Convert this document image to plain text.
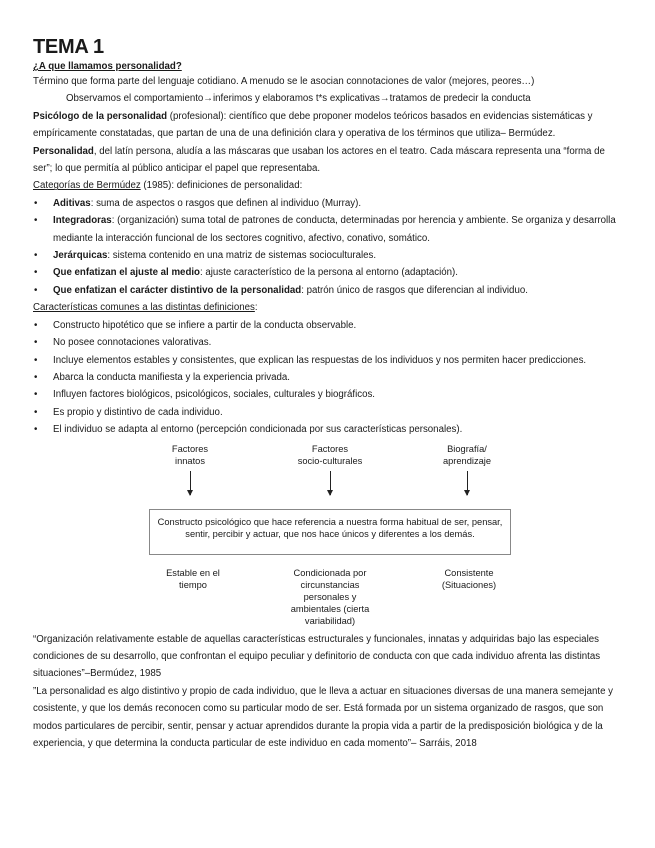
TEMA 1

¿A que llamamos personalidad?

Término que forma parte del lenguaje cotidiano. A menudo se le asocian connotaciones de valor (mejores, peores…)

Observamos el comportamiento→inferimos y elaboramos t*s explicativas→tratamos de predecir la conducta

Psicólogo de la personalidad (profesional): científico que debe proponer modelos teóricos basados en evidencias sistemáticas y empíricamente constatadas, que partan de una de una definición clara y operativa de los términos que utiliza– Bermúdez.

Personalidad, del latín persona, aludía a las máscaras que usaban los actores en el teatro. Cada máscara representa una “forma de ser”; lo que permitía al público anticipar el papel que representaba.

Categorías de Bermúdez (1985): definiciones de personalidad:

• Aditivas: suma de aspectos o rasgos que definen al individuo (Murray).
• Integradoras: (organización) suma total de patrones de conducta, determinadas por herencia y ambiente. Se organiza y desarrolla mediante la interacción funcional de los sectores cognitivo, afectivo, conativo, somático.
• Jerárquicas: sistema contenido en una matriz de sistemas socioculturales.
• Que enfatizan el ajuste al medio: ajuste característico de la persona al entorno (adaptación).
• Que enfatizan el carácter distintivo de la personalidad: patrón único de rasgos que diferencian al individuo.

Características comunes a las distintas definiciones:

• Constructo hipotético que se infiere a partir de la conducta observable.
• No posee connotaciones valorativas.
• Incluye elementos estables y consistentes, que explican las respuestas de los individuos y nos permiten hacer predicciones.
• Abarca la conducta manifiesta y la experiencia privada.
• Influyen factores biológicos, psicológicos, sociales, culturales y biográficos.
• Es propio y distintivo de cada individuo.
• El individuo se adapta al entorno (percepción condicionada por sus características personales).
Factores
innatos
Factores
socio-culturales
Biografía/
aprendizaje
Constructo psicológico que hace referencia a nuestra forma habitual de ser, pensar, sentir, percibir y actuar, que nos hace únicos y diferentes a los demás.
Estable en el tiempo
Condicionada por circunstancias personales y ambientales (cierta variabilidad)
Consistente (Situaciones)

“Organización relativamente estable de aquellas características estructurales y funcionales, innatas y adquiridas bajo las especiales condiciones de su desarrollo, que confrontan el equipo peculiar y definitorio de conducta con que cada individuo afrenta las distintas situaciones”–Bermúdez, 1985

”La personalidad es algo distintivo y propio de cada individuo, que le lleva a actuar en situaciones diversas de una manera semejante y cosistente, y que los demás reconocen como su particular modo de ser. Está formada por un sistema organizado de rasgos, que son modos particulares de percibir, sentir, pensar y actuar aprendidos durante la propia vida a partir de la predisposición biológica y de la experiencia, y que determina la conducta particular de este individuo en cada momento”– Sarráis, 2018
